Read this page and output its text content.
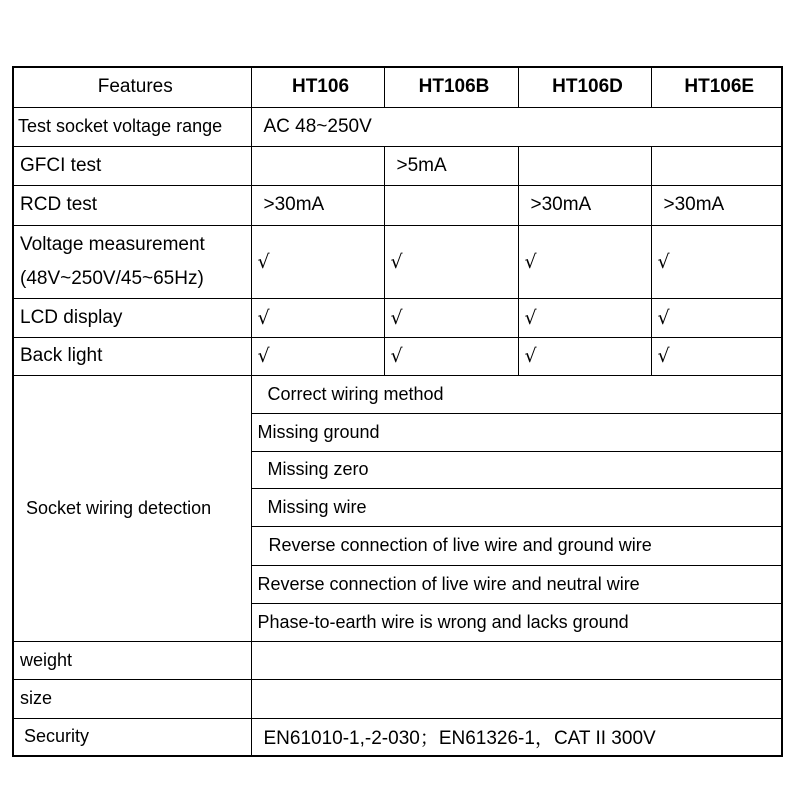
Features	HT106	HT106B	HT106D	HT106E
Test socket voltage range	AC 48~250V			
GFCI test		>5mA		
RCD test	>30mA		>30mA	>30mA

Voltage measurement
(48V~250V/45~65Hz)	√	√	√	√
LCD display	√	√	√	√
Back light	√	√	√	√
Socket wiring detection	Correct wiring method			
	Missing ground			
	Missing zero			
	Missing wire			
	Reverse connection of live wire and ground wire			
	Reverse connection of live wire and neutral wire			
	Phase-to-earth wire is wrong and lacks ground			
weight				
size				
Security	EN61010-1,-2-030；EN61326-1，CAT II 300V			
